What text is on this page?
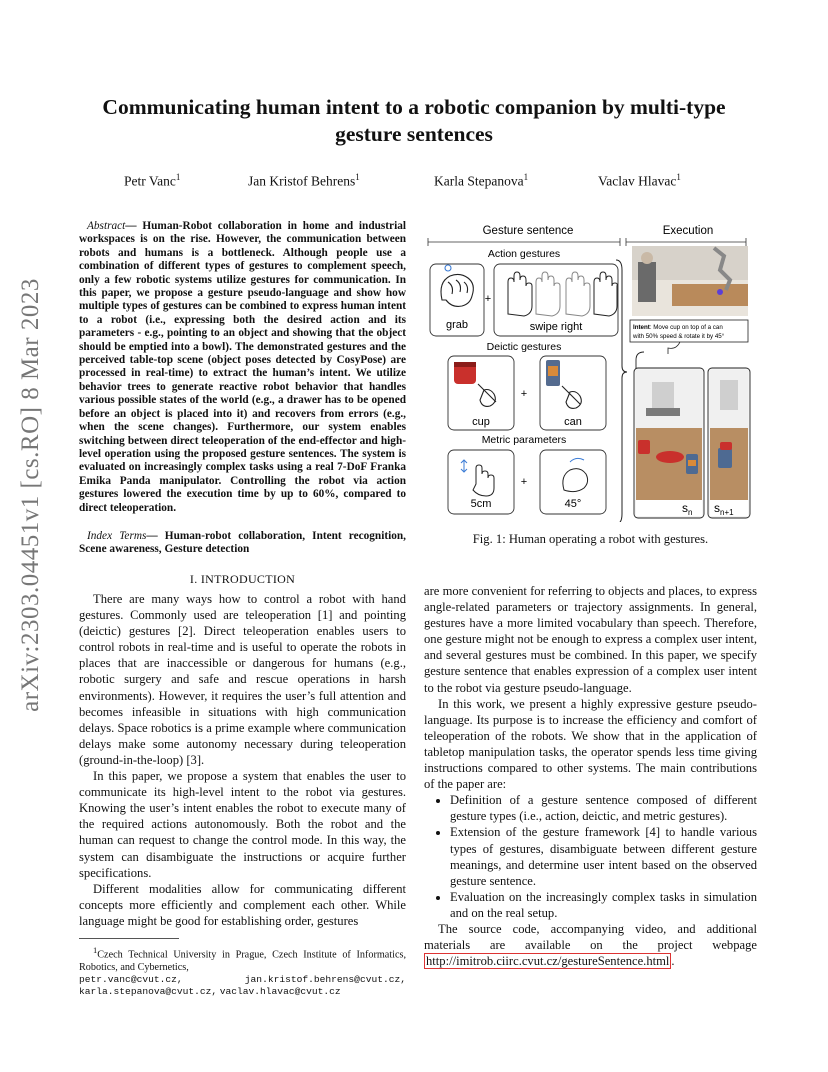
arXiv:2303.04451v1 [cs.RO] 8 Mar 2023
Communicating human intent to a robotic companion by multi-type
gesture sentences
Petr Vanc$^1$	Jan Kristof Behrens$^1$	Karla Stepanova$^1$	Vaclav Hlavac$^1$
Abstract— Human-Robot collaboration in home and industrial workspaces is on the rise. However, the communication between robots and humans is a bottleneck. Although people use a combination of different types of gestures to complement speech, only a few robotic systems utilize gestures for communication. In this paper, we propose a gesture pseudo-language and show how multiple types of gestures can be combined to express human intent to a robot (i.e., expressing both the desired action and its parameters - e.g., pointing to an object and showing that the object should be emptied into a bowl). The demonstrated gestures and the perceived table-top scene (object poses detected by CosyPose) are processed in real-time) to extract the human’s intent. We utilize behavior trees to generate reactive robot behavior that handles various possible states of the world (e.g., a drawer has to be opened before an object is placed into it) and recovers from errors (e.g., when the scene changes). Furthermore, our system enables switching between direct teleoperation of the end-effector and high-level operation using the proposed gesture sentences. The system is evaluated on increasingly complex tasks using a real 7-DoF Franka Emika Panda manipulator. Controlling the robot via action gestures lowered the execution time by up to 60%, compared to direct teleoperation.
Index Terms— Human-robot collaboration, Intent recognition, Scene awareness, Gesture detection
I. INTRODUCTION

There are many ways how to control a robot with hand gestures. Commonly used are teleoperation [1] and pointing (deictic) gestures [2]. Direct teleoperation enables users to control robots in real-time and is useful to operate the robots in places that are inaccessible or dangerous for humans (e.g., robotic surgery and safe and rescue operations in harsh environments). However, it requires the user’s full attention and becomes infeasible in situations with high communication delays. Space robotics is a prime example where communication delays make some autonomy necessary during teleoperation (ground-in-the-loop) [3].

In this paper, we propose a system that enables the user to communicate its high-level intent to the robot via gestures. Knowing the user’s intent enables the robot to execute many of the required actions autonomously. Both the robot and the human can request to change the control mode. In this way, the system can disambiguate the instructions or acquire further specifications.

Different modalities allow for communicating different concepts more efficiently and complement each other. While language might be good for establishing order, gestures

$^1$Czech Technical University in Prague, Czech Institute of Informatics, Robotics, and Cybernetics,
petr.vanc@cvut.cz,	jan.kristof.behrens@cvut.cz,
karla.stepanova@cvut.cz, vaclav.hlavac@cvut.cz
Gesture sentence	Execution
Action gestures
grab
+
swipe right
Deictic gestures
cup
+
can
Metric parameters
5cm
+
45°
Intent: Move cup on top of a can
with 50% speed & rotate it by 45°
$s_n$ $s_{n+1}$
Fig. 1: Human operating a robot with gestures.

are more convenient for referring to objects and places, to express angle-related parameters or trajectory assignments. In general, gestures have a more limited vocabulary than speech. Therefore, one gesture might not be enough to express a complex user intent, and several gestures must be combined. In this paper, we specify gesture sentence that enables expression of a complex user intent to the robot via gesture pseudo-language.

In this work, we present a highly expressive gesture pseudo-language. Its purpose is to increase the efficiency and comfort of teleoperation of the robots. We show that in the application of tabletop manipulation tasks, the operator spends less time giving instructions compared to other systems. The main contributions of the paper are:

• Definition of a gesture sentence composed of different gesture types (i.e., action, deictic, and metric gestures).
• Extension of the gesture framework [4] to handle various types of gestures, disambiguate between different gesture meanings, and determine user intent based on the observed gesture sentence.
• Evaluation on the increasingly complex tasks in simulation and on the real setup.

The source code, accompanying video, and additional materials are available on the project webpage http://imitrob.ciirc.cvut.cz/gestureSentence.html .
